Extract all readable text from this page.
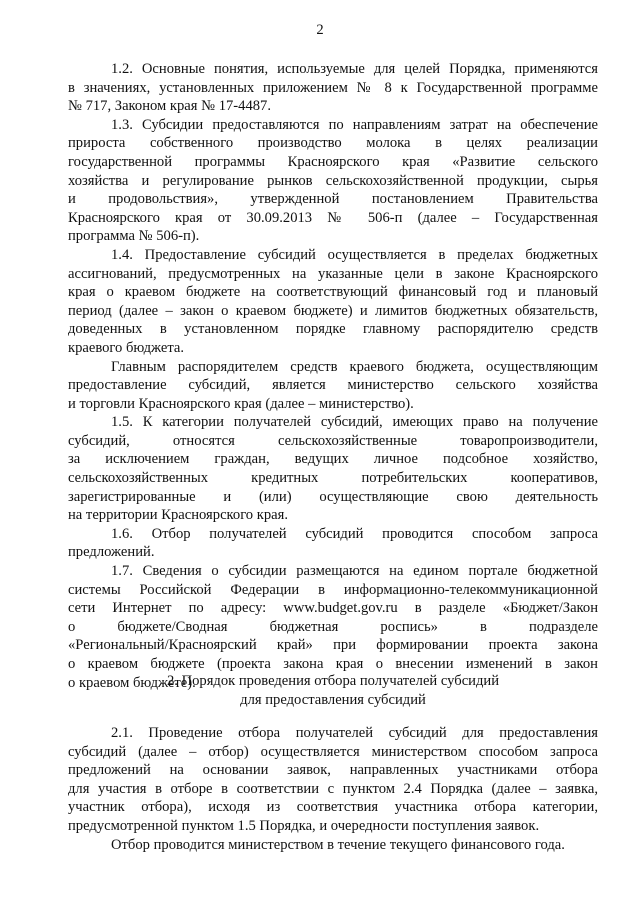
2
1.2. Основные понятия, используемые для целей Порядка, применяются
в значениях, установленных приложением № 8 к Государственной программе
№ 717, Законом края № 17-4487.
1.3. Субсидии предоставляются по направлениям затрат на обеспечение
прироста собственного производство молока в целях реализации
государственной программы Красноярского края «Развитие сельского
хозяйства и регулирование рынков сельскохозяйственной продукции, сырья
и продовольствия», утвержденной постановлением Правительства
Красноярского края от 30.09.2013 № 506-п (далее – Государственная
программа № 506-п).
1.4. Предоставление субсидий осуществляется в пределах бюджетных
ассигнований, предусмотренных на указанные цели в законе Красноярского
края о краевом бюджете на соответствующий финансовый год и плановый
период (далее – закон о краевом бюджете) и лимитов бюджетных обязательств,
доведенных в установленном порядке главному распорядителю средств
краевого бюджета.
Главным распорядителем средств краевого бюджета, осуществляющим
предоставление субсидий, является министерство сельского хозяйства
и торговли Красноярского края (далее – министерство).
1.5. К категории получателей субсидий, имеющих право на получение
субсидий, относятся сельскохозяйственные товаропроизводители,
за исключением граждан, ведущих личное подсобное хозяйство,
сельскохозяйственных кредитных потребительских кооперативов,
зарегистрированные и (или) осуществляющие свою деятельность
на территории Красноярского края.
1.6. Отбор получателей субсидий проводится способом запроса
предложений.
1.7. Сведения о субсидии размещаются на едином портале бюджетной
системы Российской Федерации в информационно-телекоммуникационной
сети Интернет по адресу: www.budget.gov.ru в разделе «Бюджет/Закон
о бюджете/Сводная бюджетная роспись» в подразделе
«Региональный/Красноярский край» при формировании проекта закона
о краевом бюджете (проекта закона края о внесении изменений в закон
о краевом бюджете).
2. Порядок проведения отбора получателей субсидий
для предоставления субсидий
2.1. Проведение отбора получателей субсидий для предоставления
субсидий (далее – отбор) осуществляется министерством способом запроса
предложений на основании заявок, направленных участниками отбора
для участия в отборе в соответствии с пунктом 2.4 Порядка (далее – заявка,
участник отбора), исходя из соответствия участника отбора категории,
предусмотренной пунктом 1.5 Порядка, и очередности поступления заявок.
Отбор проводится министерством в течение текущего финансового года.
